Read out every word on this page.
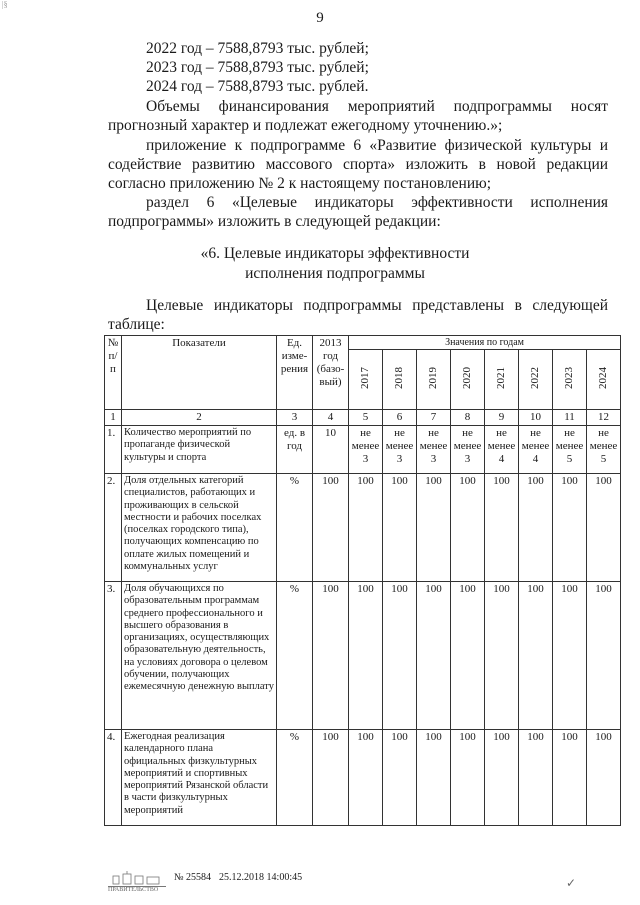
|§
9
2022 год – 7588,8793 тыс. рублей;
2023 год – 7588,8793 тыс. рублей;
2024 год – 7588,8793 тыс. рублей.
Объемы финансирования мероприятий подпрограммы носят
прогнозный характер и подлежат ежегодному уточнению.»;
приложение к подпрограмме 6 «Развитие физической культуры и
содействие развитию массового спорта» изложить в новой редакции
согласно приложению № 2 к настоящему постановлению;
раздел 6 «Целевые индикаторы эффективности исполнения
подпрограммы» изложить в следующей редакции:
«6. Целевые индикаторы эффективности
исполнения подпрограммы
Целевые индикаторы подпрограммы представлены в следующей
таблице:
№ п/п	Показатели	Ед. изме-рения	2013 год (базо-вый)	Значения по годам							
				2017	2018	2019	2020	2021	2022	2023	2024
1	2	3	4	5	6	7	8	9	10	11	12
1.	Количество мероприятий по пропаганде физической культуры и спорта	ед. в год	10	не менее 3	не менее 3	не менее 3	не менее 3	не менее 4	не менее 4	не менее 5	не менее 5
2.	Доля отдельных категорий специалистов, работающих и проживающих в сельской местности и рабочих поселках (поселках городского типа), получающих компенсацию по оплате жилых помещений и коммунальных услуг	%	100	100	100	100	100	100	100	100	100
3.	Доля обучающихся по образовательным программам среднего профессионального и высшего образования в организациях, осуществляющих образовательную деятельность, на условиях договора о целевом обучении, получающих ежемесячную денежную выплату	%	100	100	100	100	100	100	100	100	100
4.	Ежегодная реализация календарного плана официальных физкультурных мероприятий и спортивных мероприятий Рязанской области в части физкультурных мероприятий	%	100	100	100	100	100	100	100	100	100
№ 25584 25.12.2018 14:00:45
ПРАВИТЕЛЬСТВО	✓
